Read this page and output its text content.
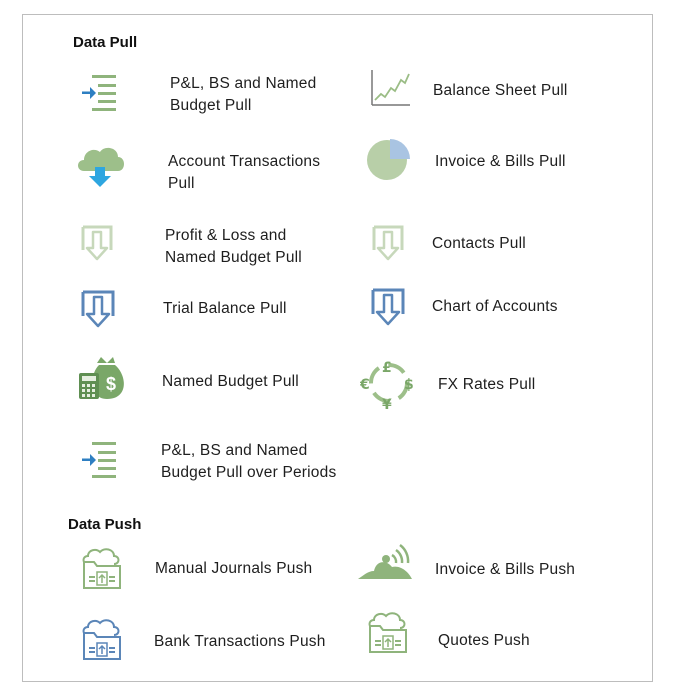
Data Pull
P&L, BS and Named
Budget Pull
Balance Sheet Pull
Account Transactions
Pull
Invoice & Bills Pull
Profit & Loss and
Named Budget Pull
Contacts Pull
Trial Balance Pull	Chart of Accounts
$	Named Budget Pull
£
€ $
¥
FX Rates Pull
P&L, BS and Named
Budget Pull over Periods
Data Push
Manual Journals Push	Invoice & Bills Push
Bank Transactions Push	Quotes Push
